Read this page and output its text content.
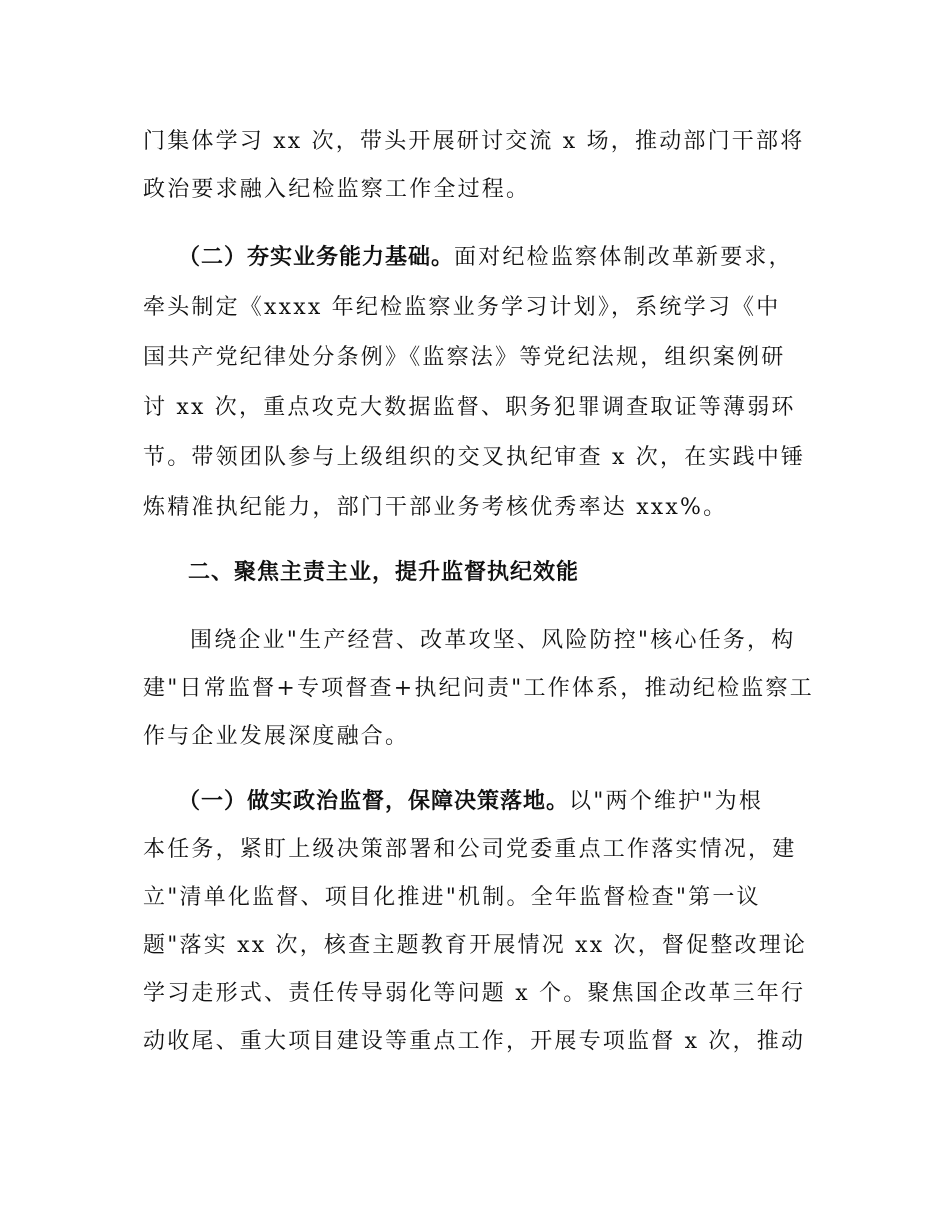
门集体学习 xx 次，带头开展研讨交流 x 场，推动部门干部将
政治要求融入纪检监察工作全过程。
（二）夯实业务能力基础。面对纪检监察体制改革新要求，
牵头制定《xxxx 年纪检监察业务学习计划》，系统学习《中
国共产党纪律处分条例》《监察法》等党纪法规，组织案例研
讨 xx 次，重点攻克大数据监督、职务犯罪调查取证等薄弱环
节。带领团队参与上级组织的交叉执纪审查 x 次，在实践中锤
炼精准执纪能力，部门干部业务考核优秀率达 xxx%。
二、聚焦主责主业，提升监督执纪效能
围绕企业"生产经营、改革攻坚、风险防控"核心任务，构
建"日常监督+专项督查+执纪问责"工作体系，推动纪检监察工
作与企业发展深度融合。
（一）做实政治监督，保障决策落地。以"两个维护"为根
本任务，紧盯上级决策部署和公司党委重点工作落实情况，建
立"清单化监督、项目化推进"机制。全年监督检查"第一议
题"落实 xx 次，核查主题教育开展情况 xx 次，督促整改理论
学习走形式、责任传导弱化等问题 x 个。聚焦国企改革三年行
动收尾、重大项目建设等重点工作，开展专项监督 x 次，推动
